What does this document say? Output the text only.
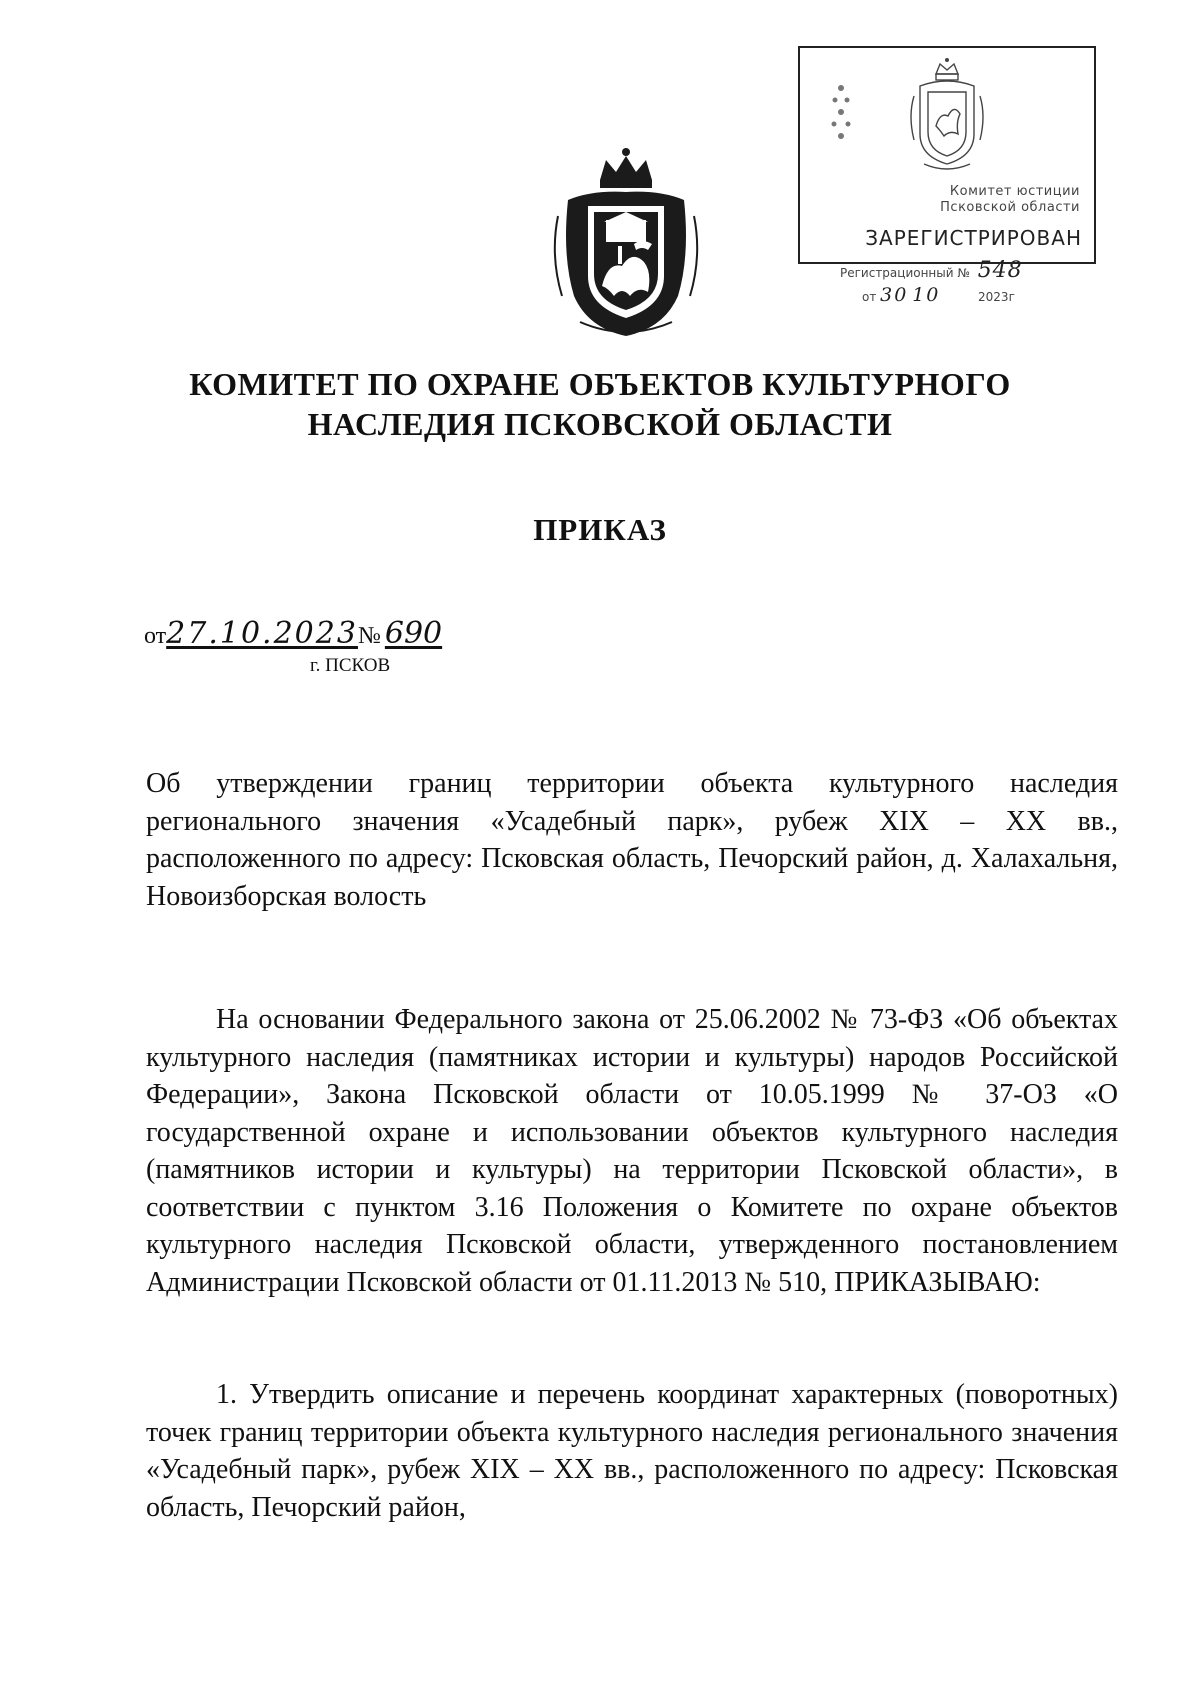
Комитет юстиции
Псковской области
ЗАРЕГИСТРИРОВАН
Регистрационный № 548
от 30 10	2023г
КОМИТЕТ ПО ОХРАНЕ ОБЪЕКТОВ КУЛЬТУРНОГО
НАСЛЕДИЯ ПСКОВСКОЙ ОБЛАСТИ
ПРИКАЗ
от27.10.2023№ 690
г. ПСКОВ
Об утверждении границ территории объекта культурного наследия регионального значения «Усадебный парк», рубеж XIX – XX вв., расположенного по адресу: Псковская область, Печорский район, д. Халахальня, Новоизборская волость
На основании Федерального закона от 25.06.2002 № 73-ФЗ «Об объектах культурного наследия (памятниках истории и культуры) народов Российской Федерации», Закона Псковской области от 10.05.1999 № 37-ОЗ «О государственной охране и использовании объектов культурного наследия (памятников истории и культуры) на территории Псковской области», в соответствии с пунктом 3.16 Положения о Комитете по охране объектов культурного наследия Псковской области, утвержденного постановлением Администрации Псковской области от 01.11.2013 № 510, ПРИКАЗЫВАЮ:
1. Утвердить описание и перечень координат характерных (поворотных) точек границ территории объекта культурного наследия регионального значения «Усадебный парк», рубеж XIX – XX вв., расположенного по адресу: Псковская область, Печорский район,
